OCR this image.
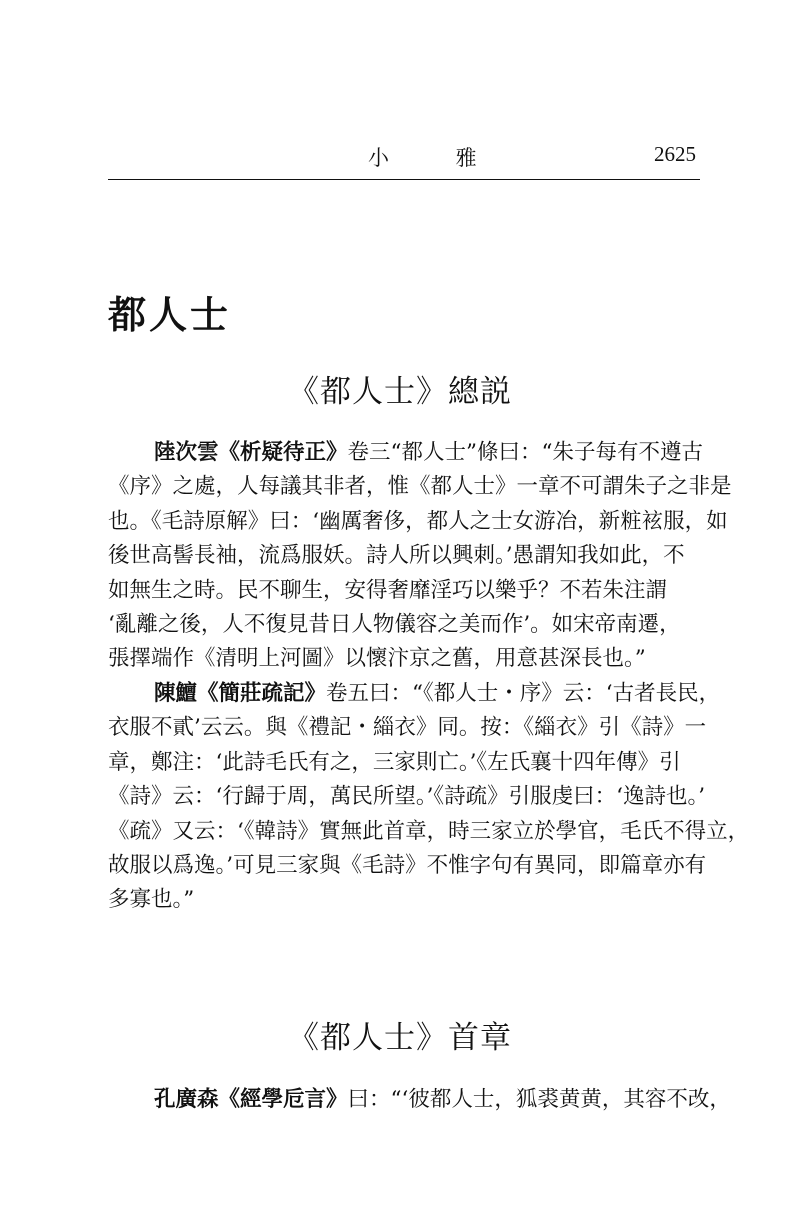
小 雅	2625
都人士
《都人士》總説
陸次雲《析疑待正》卷三“都人士”條曰：“朱子每有不遵古
《序》之處，人每議其非者，惟《都人士》一章不可謂朱子之非是
也。《毛詩原解》曰：‘幽厲奢侈，都人之士女游冶，新粧袨服，如
後世高髻長袖，流爲服妖。詩人所以興刺。’愚謂知我如此，不
如無生之時。民不聊生，安得奢靡淫巧以樂乎？不若朱注謂
‘亂離之後，人不復見昔日人物儀容之美而作’。如宋帝南遷，
張擇端作《清明上河圖》以懷汴京之舊，用意甚深長也。”
陳鱣《簡莊疏記》卷五曰：“《都人士・序》云：‘古者長民，
衣服不貳’云云。與《禮記・緇衣》同。按：《緇衣》引《詩》一
章，鄭注：‘此詩毛氏有之，三家則亡。’《左氏襄十四年傳》引
《詩》云：‘行歸于周，萬民所望。’《詩疏》引服虔曰：‘逸詩也。’
《疏》又云：‘《韓詩》實無此首章，時三家立於學官，毛氏不得立，
故服以爲逸。’可見三家與《毛詩》不惟字句有異同，即篇章亦有
多寡也。”
《都人士》首章
孔廣森《經學卮言》曰：“‘彼都人士，狐裘黄黄，其容不改，
